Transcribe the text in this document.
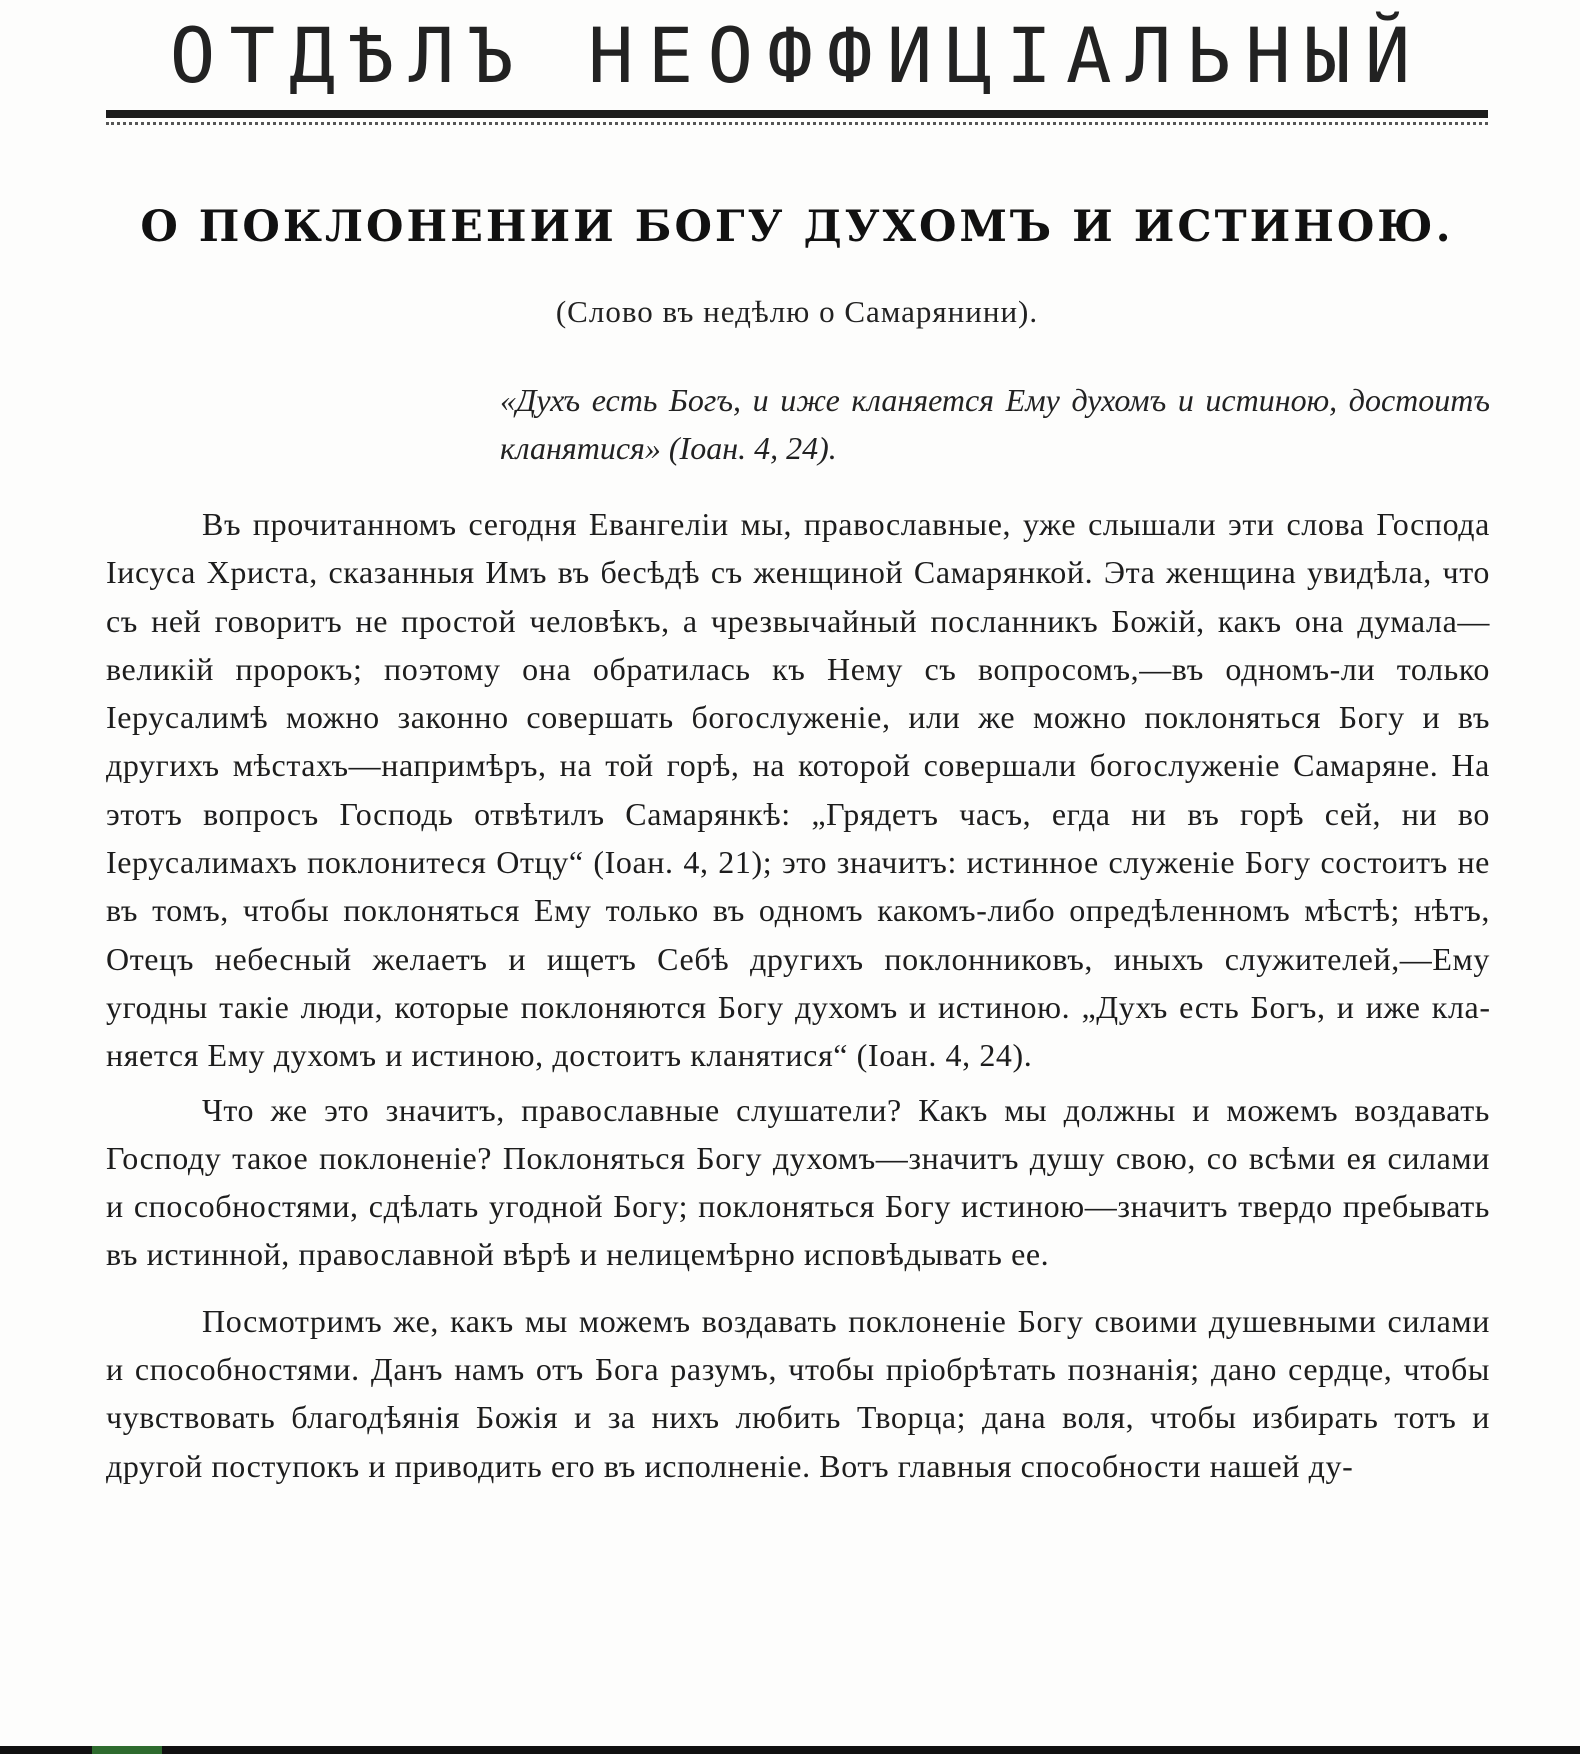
ОТДѢЛЪ НЕОФФИЦІАЛЬНЫЙ
О ПОКЛОНЕНИИ БОГУ ДУХОМЪ И ИСТИНОЮ.
(Слово въ недѣлю о Самарянини).
«Духъ есть Богъ, и иже кланяется Ему духомъ и истиною, достоитъ кланятися» (Іоан. 4, 24).

Въ прочитанномъ сегодня Евангеліи мы, православные, уже слышали эти слова Господа Іисуса Христа, сказанныя Имъ въ бесѣдѣ съ женщиной Самарянкой. Эта женщина увидѣла, что съ ней говоритъ не простой человѣкъ, а чрезвычайный посланникъ Божій, какъ она думала—великій пророкъ; поэтому она обратилась къ Нему съ вопросомъ,—въ одномъ-ли только Іерусалимѣ можно законно совершать богослуженіе, или же можно поклоняться Богу и въ другихъ мѣстахъ—напримѣръ, на той горѣ, на которой совершали богослуженіе Самаряне. На этотъ вопросъ Господь отвѣтилъ Самарянкѣ: „Грядетъ часъ, егда ни въ горѣ сей, ни во Іерусалимахъ поклонитеся Отцу“ (Іоан. 4, 21); это значитъ: истинное служеніе Богу состоитъ не въ томъ, чтобы поклоняться Ему только въ одномъ какомъ-либо опредѣленномъ мѣстѣ; нѣтъ, Отецъ небесный желаетъ и ищетъ Себѣ другихъ поклонниковъ, иныхъ служителей,—Ему угодны такіе люди, которые поклоняются Богу духомъ и истиною. „Духъ есть Богъ, и иже кланяется Ему духомъ и истиною, достоитъ кланятися“ (Іоан. 4, 24).

Что же это значитъ, православные слушатели? Какъ мы должны и можемъ воздавать Господу такое поклоненіе? Поклоняться Богу духомъ—значитъ душу свою, со всѣми ея силами и способностями, сдѣлать угодной Богу; поклоняться Богу истиною—значитъ твердо пребывать въ истинной, православной вѣрѣ и нелицемѣрно исповѣдывать ее.

Посмотримъ же, какъ мы можемъ воздавать поклоненіе Богу своими душевными силами и способностями. Данъ намъ отъ Бога разумъ, чтобы пріобрѣтать познанія; дано сердце, чтобы чувствовать благодѣянія Божія и за нихъ любить Творца; дана воля, чтобы избирать тотъ и другой поступокъ и приводить его въ исполненіе. Вотъ главныя способности нашей ду-
